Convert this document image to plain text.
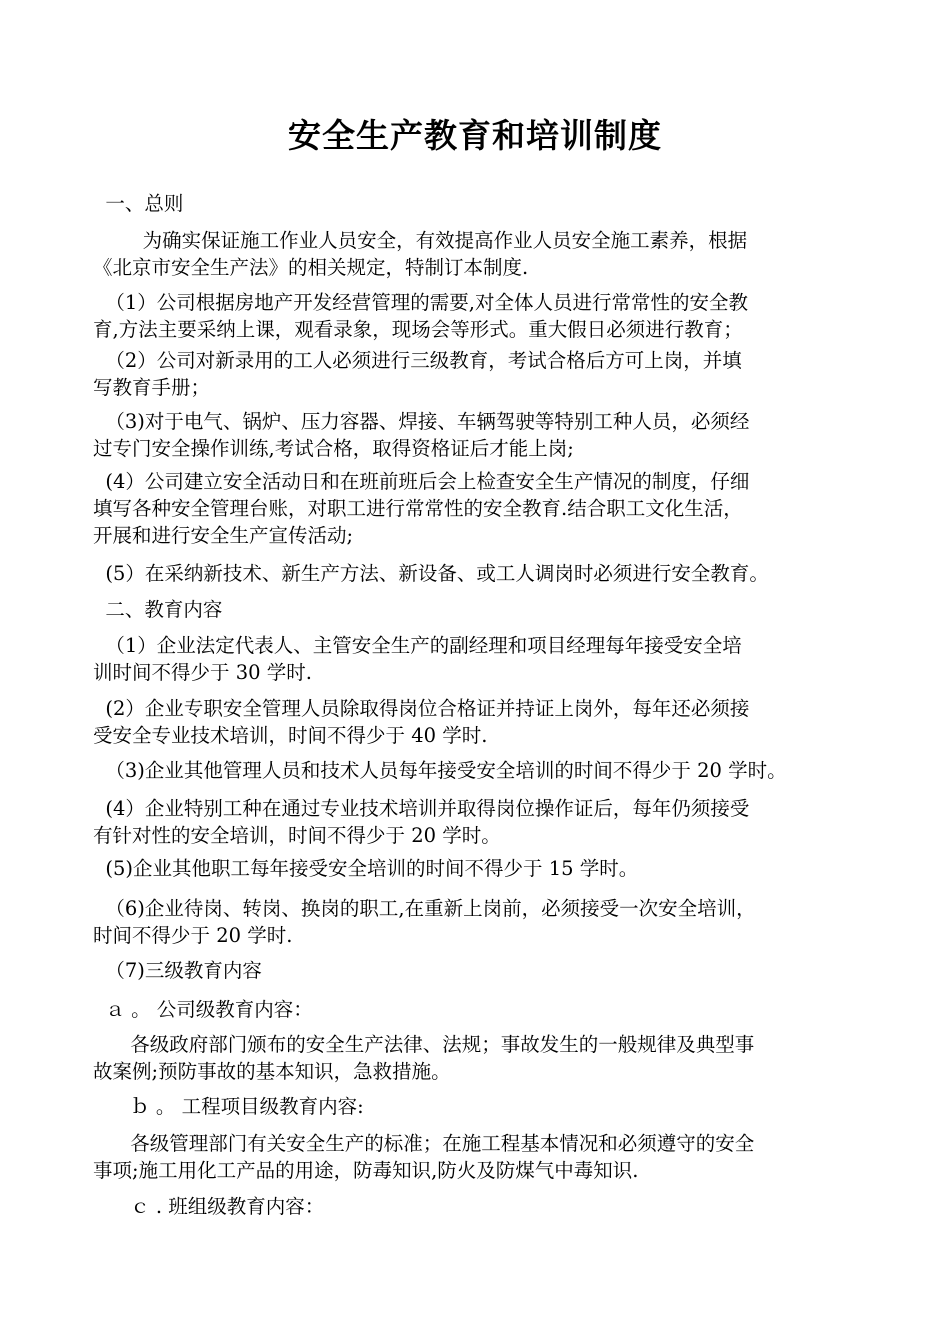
安全生产教育和培训制度
一、总则
为确实保证施工作业人员安全，有效提高作业人员安全施工素养，根据
《北京市安全生产法》的相关规定，特制订本制度.
（1）公司根据房地产开发经营管理的需要,对全体人员进行常常性的安全教
育,方法主要采纳上课，观看录象，现场会等形式。重大假日必须进行教育；
（2）公司对新录用的工人必须进行三级教育，考试合格后方可上岗，并填
写教育手册；
（3)对于电气、锅炉、压力容器、焊接、车辆驾驶等特别工种人员，必须经
过专门安全操作训练,考试合格，取得资格证后才能上岗;
(4）公司建立安全活动日和在班前班后会上检查安全生产情况的制度，仔细
填写各种安全管理台账，对职工进行常常性的安全教育.结合职工文化生活，
开展和进行安全生产宣传活动;
(5）在采纳新技术、新生产方法、新设备、或工人调岗时必须进行安全教育。
二、教育内容
（1）企业法定代表人、主管安全生产的副经理和项目经理每年接受安全培
训时间不得少于 30 学时.
(2）企业专职安全管理人员除取得岗位合格证并持证上岗外，每年还必须接
受安全专业技术培训，时间不得少于 40 学时.
（3)企业其他管理人员和技术人员每年接受安全培训的时间不得少于 20 学时。
(4）企业特别工种在通过专业技术培训并取得岗位操作证后，每年仍须接受
有针对性的安全培训，时间不得少于 20 学时。
(5)企业其他职工每年接受安全培训的时间不得少于 15 学时。
（6)企业待岗、转岗、换岗的职工,在重新上岗前，必须接受一次安全培训，
时间不得少于 20 学时.
（7)三级教育内容
ａ 。 公司级教育内容：
各级政府部门颁布的安全生产法律、法规；事故发生的一般规律及典型事
故案例;预防事故的基本知识，急救措施。
ｂ 。 工程项目级教育内容:
各级管理部门有关安全生产的标准；在施工程基本情况和必须遵守的安全
事项;施工用化工产品的用途，防毒知识,防火及防煤气中毒知识.
ｃ . 班组级教育内容：
